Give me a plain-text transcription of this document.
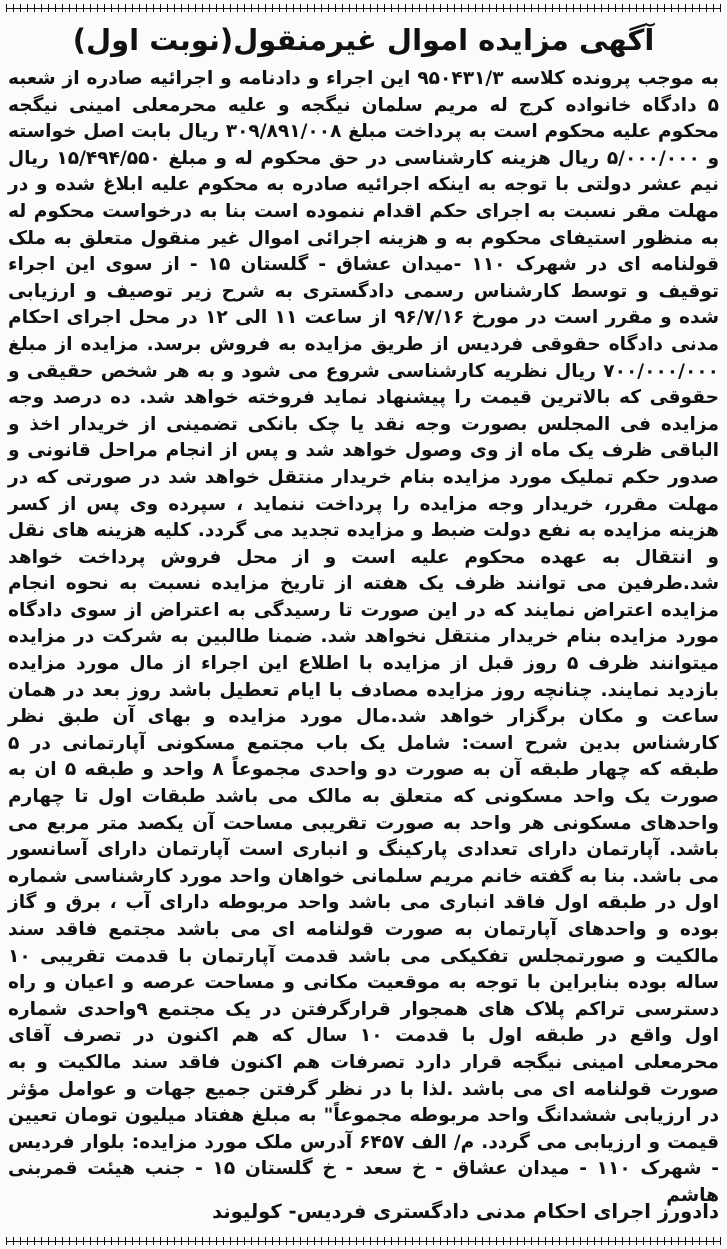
آگهی مزایده اموال غیرمنقول(نوبت اول)

به موجب پرونده کلاسه ۹۵۰۴۳۱/۳ این اجراء و دادنامه و اجرائیه صادره از شعبه ۵ دادگاه خانواده کرج له مریم سلمان نیگجه و علیه محرمعلی امینی نیگجه محکوم علیه محکوم است به پرداخت مبلغ ۳۰۹/۸۹۱/۰۰۸ ریال بابت اصل خواسته و ۵/۰۰۰/۰۰۰ ریال هزینه کارشناسی در حق محکوم له و مبلغ ۱۵/۴۹۴/۵۵۰ ریال نیم عشر دولتی با توجه به اینکه اجرائیه صادره به محکوم علیه ابلاغ شده و در مهلت مقر نسبت به اجرای حکم اقدام ننموده است بنا به درخواست محکوم له به منظور استیفای محکوم به و هزینه اجرائی اموال غیر منقول متعلق به ملک قولنامه ای در شهرک ۱۱۰ -میدان عشاق - گلستان ۱۵ - از سوی این اجراء توقیف و توسط کارشناس رسمی دادگستری به شرح زیر توصیف و ارزیابی شده و مقرر است در مورخ ۹۶/۷/۱۶ از ساعت ۱۱ الی ۱۲ در محل اجرای احکام مدنی دادگاه حقوقی فردیس از طریق مزایده به فروش برسد. مزایده از مبلغ ۷۰۰/۰۰۰/۰۰۰ ریال نظریه کارشناسی شروع می شود و به هر شخص حقیقی و حقوقی که بالاترین قیمت را پیشنهاد نماید فروخته خواهد شد. ده درصد وجه مزایده فی المجلس بصورت وجه نقد یا چک بانکی تضمینی از خریدار اخذ و الباقی ظرف یک ماه از وی وصول خواهد شد و پس از انجام مراحل قانونی و صدور حکم تملیک مورد مزایده بنام خریدار منتقل خواهد شد در صورتی که در مهلت مقرر، خریدار وجه مزایده را پرداخت ننماید ، سپرده وی پس از کسر هزینه مزایده به نفع دولت ضبط و مزایده تجدید می گردد. کلیه هزینه های نقل و انتقال به عهده محکوم علیه است و از محل فروش پرداخت خواهد شد.طرفین می توانند ظرف یک هفته از تاریخ مزایده نسبت به نحوه انجام مزایده اعتراض نمایند که در این صورت تا رسیدگی به اعتراض از سوی دادگاه مورد مزایده بنام خریدار منتقل نخواهد شد. ضمنا طالبین به شرکت در مزایده میتوانند ظرف ۵ روز قبل از مزایده با اطلاع این اجراء از مال مورد مزایده بازدید نمایند. چنانچه روز مزایده مصادف با ایام تعطیل باشد روز بعد در همان ساعت و مکان برگزار خواهد شد.مال مورد مزایده و بهای آن طبق نظر کارشناس بدین شرح است: شامل یک باب مجتمع مسکونی آپارتمانی در ۵ طبقه که چهار طبقه آن به صورت دو واحدی مجموعاً ۸ واحد و طبقه ۵ ان به صورت یک واحد مسکونی که متعلق به مالک می باشد طبقات اول تا چهارم واحدهای مسکونی هر واحد به صورت تقریبی مساحت آن یکصد متر مربع می باشد. آپارتمان دارای تعدادی پارکینگ و انباری است آپارتمان دارای آسانسور می باشد. بنا به گفته خانم مریم سلمانی خواهان واحد مورد کارشناسی شماره اول در طبقه اول فاقد انباری می باشد واحد مربوطه دارای آب ، برق و گاز بوده و واحدهای آپارتمان به صورت قولنامه ای می باشد مجتمع فاقد سند مالکیت و صورتمجلس تفکیکی می باشد قدمت آپارتمان با قدمت تقریبی ۱۰ ساله بوده بنابراین با توجه به موقعیت مکانی و مساحت عرصه و اعیان و راه دسترسی تراکم پلاک های همجوار قرارگرفتن در یک مجتمع ۹واحدی شماره اول واقع در طبقه اول با قدمت ۱۰ سال که هم اکنون در تصرف آقای محرمعلی امینی نیگجه قرار دارد تصرفات هم اکنون فاقد سند مالکیت و به صورت قولنامه ای می باشد .لذا با در نظر گرفتن جمیع جهات و عوامل مؤثر در ارزیابی ششدانگ واحد مربوطه مجموعاً" به مبلغ هفتاد میلیون تومان تعیین قیمت و ارزیابی می گردد. م/ الف ۶۴۵۷ آدرس ملک مورد مزایده: بلوار فردیس - شهرک ۱۱۰ - میدان عشاق - خ سعد - خ گلستان ۱۵ - جنب هیئت قمربنی هاشم

دادورز اجرای احکام مدنی دادگستری فردیس- کولیوند
